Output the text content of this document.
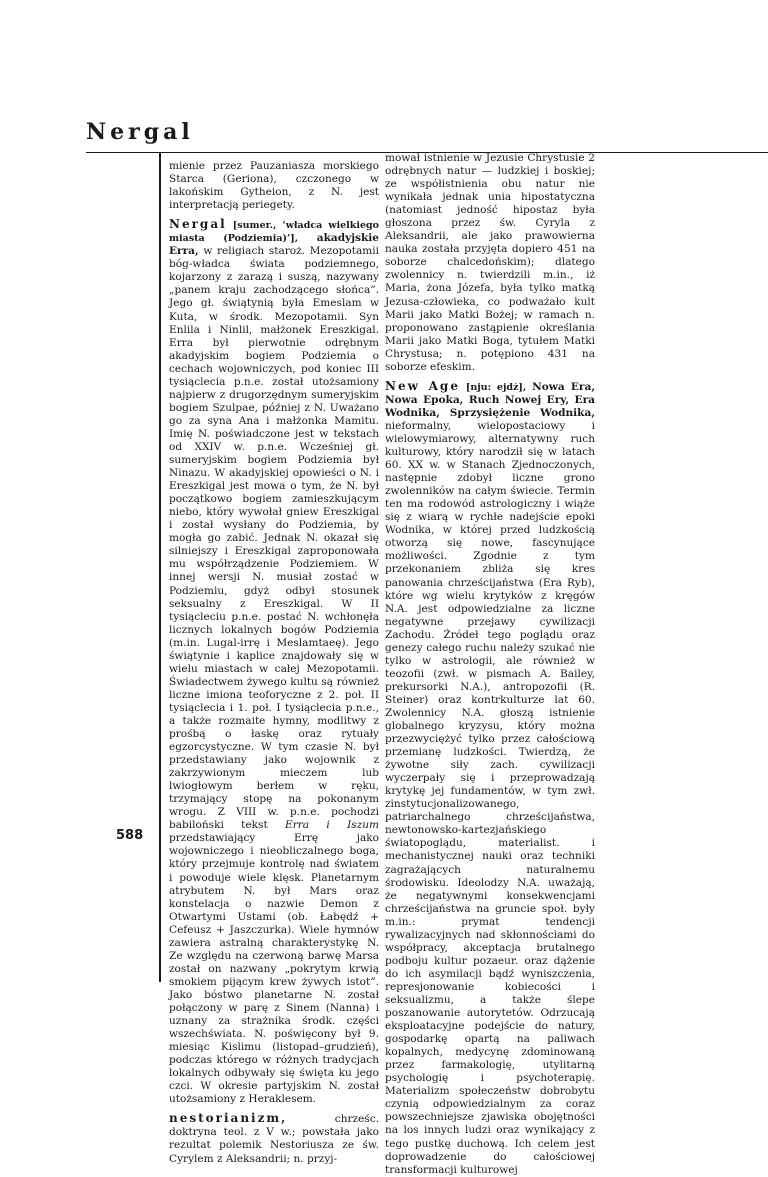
Nergal
588

mienie przez Pauzaniasza morskiego Starca (Geriona), czczonego w lakońskim Gytheion, z N. jest interpretacją periegety.

Nergal [sumer., ‘władca wielkiego miasta (Podziemia)’], akadyjskie Erra, w religiach staroż. Mezopotamii bóg-władca świata podziemnego, kojarzony z zarazą i suszą, nazywany „panem kraju zachodzącego słońca”. Jego gł. świątynią była Emeslam w Kuta, w środk. Mezopotamii. Syn Enlila i Ninlil, małżonek Ereszkigal. Erra był pierwotnie odrębnym akadyjskim bogiem Podziemia o cechach wojowniczych, pod koniec III tysiąclecia p.n.e. został utożsamiony najpierw z drugorzędnym sumeryjskim bogiem Szulpae, później z N. Uważano go za syna Ana i małżonka Mamitu. Imię N. poświadczone jest w tekstach od XXIV w. p.n.e. Wcześniej gł. sumeryjskim bogiem Podziemia był Ninazu. W akadyjskiej opowieści o N. i Ereszkigal jest mowa o tym, że N. był początkowo bogiem zamieszkującym niebo, który wywołał gniew Ereszkigal i został wysłany do Podziemia, by mogła go zabić. Jednak N. okazał się silniejszy i Ereszkigal zaproponowała mu współrządzenie Podziemiem. W innej wersji N. musiał zostać w Podziemiu, gdyż odbył stosunek seksualny z Ereszkigal. W II tysiącleciu p.n.e. postać N. wchłonęła licznych lokalnych bogów Podziemia (m.in. Lugal-irrę i Meslamtaeę). Jego świątynie i kaplice znajdowały się w wielu miastach w całej Mezopotamii. Świadectwem żywego kultu są również liczne imiona teoforyczne z 2. poł. II tysiąclecia i 1. poł. I tysiąclecia p.n.e., a także rozmaite hymny, modlitwy z prośbą o łaskę oraz rytuały egzorcystyczne. W tym czasie N. był przedstawiany jako wojownik z zakrzywionym mieczem lub lwiogłowym berłem w ręku, trzymający stopę na pokonanym wrogu. Z VIII w. p.n.e. pochodzi babiloński tekst Erra i Iszum przedstawiający Errę jako wojowniczego i nieobliczalnego boga, który przejmuje kontrolę nad światem i powoduje wiele klęsk. Planetarnym atrybutem N. był Mars oraz konstelacja o nazwie Demon z Otwartymi Ustami (ob. Łabędź + Cefeusz + Jaszczurka). Wiele hymnów zawiera astralną charakterystykę N. Ze względu na czerwoną barwę Marsa został on nazwany „pokrytym krwią smokiem pijącym krew żywych istot”. Jako bóstwo planetarne N. został połączony w parę z Sinem (Nanna) i uznany za strażnika środk. części wszechświata. N. poświęcony był 9. miesiąc Kislimu (listopad–grudzień), podczas którego w różnych tradycjach lokalnych odbywały się święta ku jego czci. W okresie partyjskim N. został utożsamiony z Heraklesem.

nestorianizm,	chrześc. doktryna teol. z V w.; powstała jako rezultat polemik Nestoriusza ze św. Cyrylem z Aleksandrii; n. przyj-

mował istnienie w Jezusie Chrystusie 2 odrębnych natur — ludzkiej i boskiej; ze współistnienia obu natur nie wynikała jednak unia hipostatyczna (natomiast jedność hipostaz była głoszona przez św. Cyryla z Aleksandrii, ale jako prawowierna nauka została przyjęta dopiero 451 na soborze chalcedońskim); dlatego zwolennicy n. twierdzili m.in., iż Maria, żona Józefa, była tylko matką Jezusa-człowieka, co podważało kult Marii jako Matki Bożej; w ramach n. proponowano zastąpienie określania Marii jako Matki Boga, tytułem Matki Chrystusa; n. potępiono 431 na soborze efeskim.

New Age [nju: ejdż], Nowa Era, Nowa Epoka, Ruch Nowej Ery, Era Wodnika, Sprzysiężenie Wodnika, nieformalny, wielopostaciowy i wielowymiarowy, alternatywny ruch kulturowy, który narodził się w latach 60. XX w. w Stanach Zjednoczonych, następnie zdobył liczne grono zwolenników na całym świecie. Termin ten ma rodowód astrologiczny i wiąże się z wiarą w rychłe nadejście epoki Wodnika, w której przed ludzkością otworzą się nowe, fascynujące możliwości. Zgodnie z tym przekonaniem zbliża się kres panowania chrześcijaństwa (Era Ryb), które wg wielu krytyków z kręgów N.A. jest odpowiedzialne za liczne negatywne przejawy cywilizacji Zachodu. Źródeł tego poglądu oraz genezy całego ruchu należy szukać nie tylko w astrologii, ale również w teozofii (zwł. w pismach A. Bailey, prekursorki N.A.), antropozofii (R. Steiner) oraz kontrkulturze lat 60. Zwolennicy N.A. głoszą istnienie globalnego kryzysu, który można przezwyciężyć tylko przez całościową przemianę ludzkości. Twierdzą, że żywotne siły zach. cywilizacji wyczerpały się i przeprowadzają krytykę jej fundamentów, w tym zwł. zinstytucjonalizowanego, patriarchalnego chrześcijaństwa, newtonowsko-kartezjańskiego światopoglądu, materialist. i mechanistycznej nauki oraz techniki zagrażających naturalnemu środowisku. Ideolodzy N.A. uważają, że negatywnymi konsekwencjami chrześcijaństwa na gruncie społ. były m.in.: prymat tendencji rywalizacyjnych nad skłonnościami do współpracy, akceptacja brutalnego podboju kultur pozaeur. oraz dążenie do ich asymilacji bądź wyniszczenia, represjonowanie kobiecości i seksualizmu, a także ślepe poszanowanie autorytetów. Odrzucają eksploatacyjne podejście do natury, gospodarkę opartą na paliwach kopalnych, medycynę zdominowaną przez farmakologię, utylitarną psychologię i psychoterapię. Materializm społeczeństw dobrobytu czynią odpowiedzialnym za coraz powszechniejsze zjawiska obojętności na los innych ludzi oraz wynikający z tego pustkę duchową. Ich celem jest doprowadzenie do całościowej transformacji kulturowej
